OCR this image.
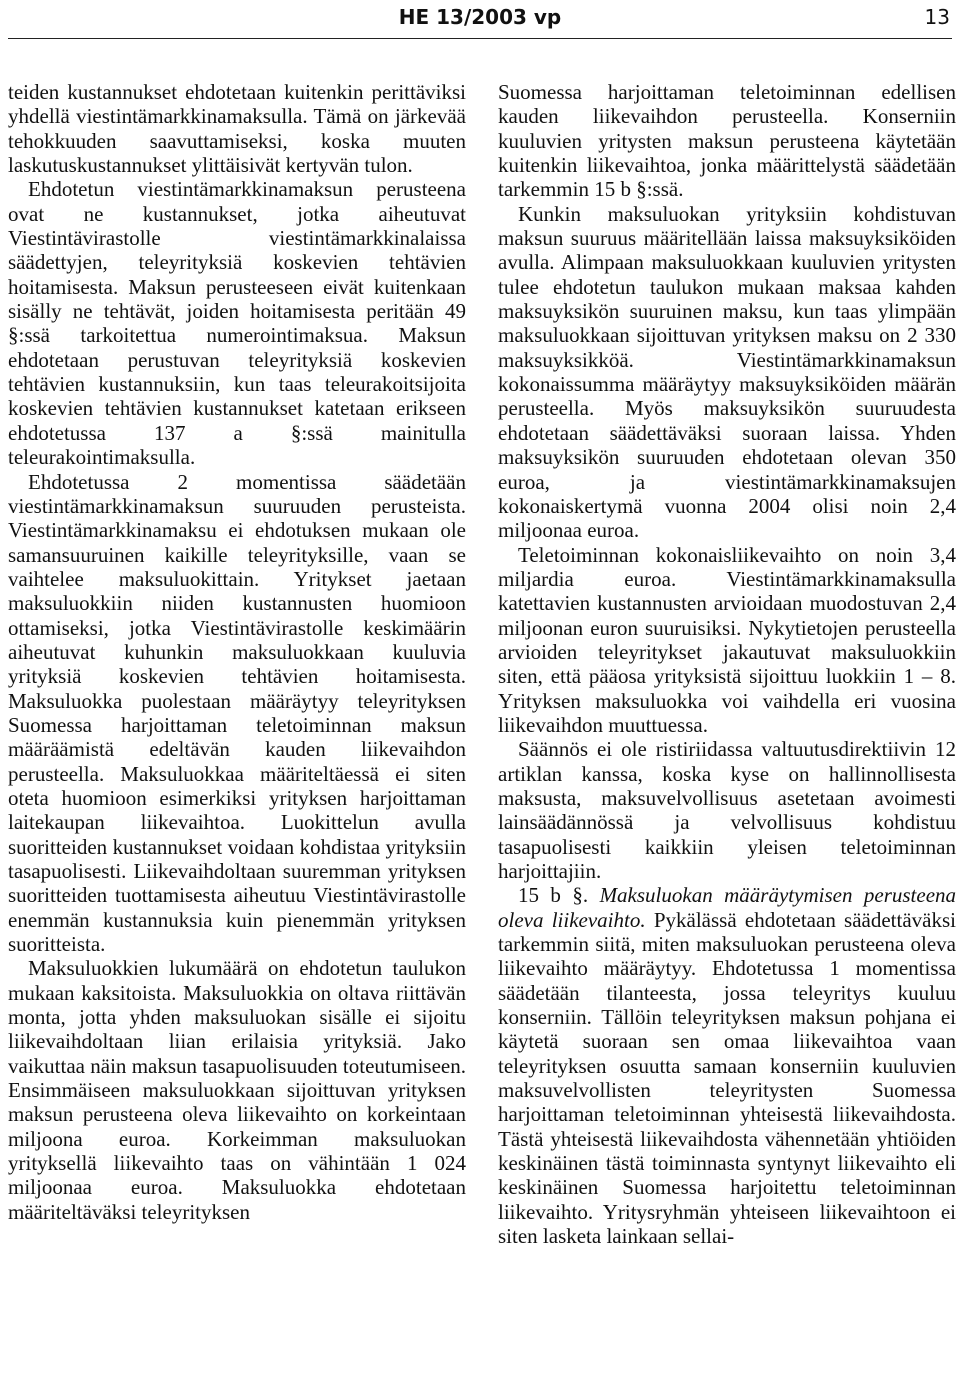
HE 13/2003 vp	13

teiden kustannukset ehdotetaan kuitenkin perittäviksi yhdellä viestintämarkkinamaksulla. Tämä on järkevää tehokkuuden saavuttamiseksi, koska muuten laskutuskustannukset ylittäisivät kertyvän tulon.

Ehdotetun viestintämarkkinamaksun perusteena ovat ne kustannukset, jotka aiheutuvat Viestintävirastolle viestintämarkkinalaissa säädettyjen, teleyrityksiä koskevien tehtävien hoitamisesta. Maksun perusteeseen eivät kuitenkaan sisälly ne tehtävät, joiden hoitamisesta peritään 49 §:ssä tarkoitettua numerointimaksua. Maksun ehdotetaan perustuvan teleyrityksiä koskevien tehtävien kustannuksiin, kun taas teleurakoitsijoita koskevien tehtävien kustannukset katetaan erikseen ehdotetussa 137 a §:ssä mainitulla teleurakointimaksulla.

Ehdotetussa 2 momentissa säädetään viestintämarkkinamaksun suuruuden perusteista. Viestintämarkkinamaksu ei ehdotuksen mukaan ole samansuuruinen kaikille teleyrityksille, vaan se vaihtelee maksuluokittain. Yritykset jaetaan maksuluokkiin niiden kustannusten huomioon ottamiseksi, jotka Viestintävirastolle keskimäärin aiheutuvat kuhunkin maksuluokkaan kuuluvia yrityksiä koskevien tehtävien hoitamisesta. Maksuluokka puolestaan määräytyy teleyrityksen Suomessa harjoittaman teletoiminnan maksun määräämistä edeltävän kauden liikevaihdon perusteella. Maksuluokkaa määriteltäessä ei siten oteta huomioon esimerkiksi yrityksen harjoittaman laitekaupan liikevaihtoa. Luokittelun avulla suoritteiden kustannukset voidaan kohdistaa yrityksiin tasapuolisesti. Liikevaihdoltaan suuremman yrityksen suoritteiden tuottamisesta aiheutuu Viestintävirastolle enemmän kustannuksia kuin pienemmän yrityksen suoritteista.

Maksuluokkien lukumäärä on ehdotetun taulukon mukaan kaksitoista. Maksuluokkia on oltava riittävän monta, jotta yhden maksuluokan sisälle ei sijoitu liikevaihdoltaan liian erilaisia yrityksiä. Jako vaikuttaa näin maksun tasapuolisuuden toteutumiseen. Ensimmäiseen maksuluokkaan sijoittuvan yrityksen maksun perusteena oleva liikevaihto on korkeintaan miljoona euroa. Korkeimman maksuluokan yrityksellä liikevaihto taas on vähintään 1 024 miljoonaa euroa. Maksuluokka ehdotetaan määriteltäväksi teleyrityksen

Suomessa harjoittaman teletoiminnan edellisen kauden liikevaihdon perusteella. Konserniin kuuluvien yritysten maksun perusteena käytetään kuitenkin liikevaihtoa, jonka määrittelystä säädetään tarkemmin 15 b §:ssä.

Kunkin maksuluokan yrityksiin kohdistuvan maksun suuruus määritellään laissa maksuyksiköiden avulla. Alimpaan maksuluokkaan kuuluvien yritysten tulee ehdotetun taulukon mukaan maksaa kahden maksuyksikön suuruinen maksu, kun taas ylimpään maksuluokkaan sijoittuvan yrityksen maksu on 2 330 maksuyksikköä. Viestintämarkkinamaksun kokonaissumma määräytyy maksuyksiköiden määrän perusteella. Myös maksuyksikön suuruudesta ehdotetaan säädettäväksi suoraan laissa. Yhden maksuyksikön suuruuden ehdotetaan olevan 350 euroa, ja viestintämarkkinamaksujen kokonaiskertymä vuonna 2004 olisi noin 2,4 miljoonaa euroa.

Teletoiminnan kokonaisliikevaihto on noin 3,4 miljardia euroa. Viestintämarkkinamaksulla katettavien kustannusten arvioidaan muodostuvan 2,4 miljoonan euron suuruisiksi. Nykytietojen perusteella arvioiden teleyritykset jakautuvat maksuluokkiin siten, että pääosa yrityksistä sijoittuu luokkiin 1 – 8. Yrityksen maksuluokka voi vaihdella eri vuosina liikevaihdon muuttuessa.

Säännös ei ole ristiriidassa valtuutusdirektiivin 12 artiklan kanssa, koska kyse on hallinnollisesta maksusta, maksuvelvollisuus asetetaan avoimesti lainsäädännössä ja velvollisuus kohdistuu tasapuolisesti kaikkiin yleisen teletoiminnan harjoittajiin.

15 b §. Maksuluokan määräytymisen perusteena oleva liikevaihto. Pykälässä ehdotetaan säädettäväksi tarkemmin siitä, miten maksuluokan perusteena oleva liikevaihto määräytyy. Ehdotetussa 1 momentissa säädetään tilanteesta, jossa teleyritys kuuluu konserniin. Tällöin teleyrityksen maksun pohjana ei käytetä suoraan sen omaa liikevaihtoa vaan teleyrityksen osuutta samaan konserniin kuuluvien maksuvelvollisten teleyritysten Suomessa harjoittaman teletoiminnan yhteisestä liikevaihdosta. Tästä yhteisestä liikevaihdosta vähennetään yhtiöiden keskinäinen tästä toiminnasta syntynyt liikevaihto eli keskinäinen Suomessa harjoitettu teletoiminnan liikevaihto. Yritysryhmän yhteiseen liikevaihtoon ei siten lasketa lainkaan sellai-
